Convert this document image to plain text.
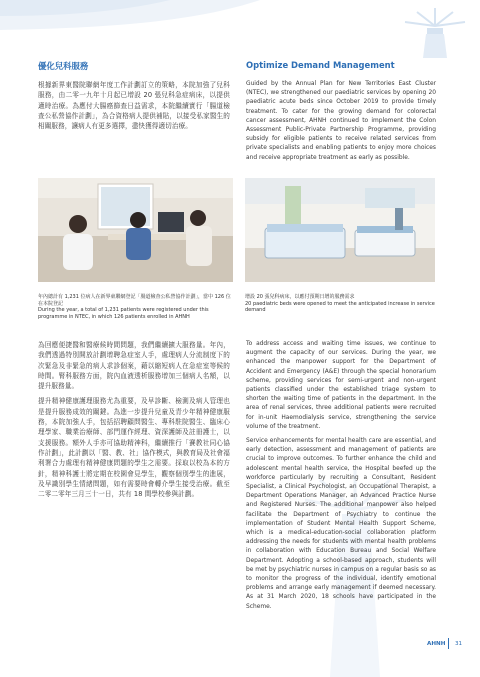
優化兒科服務	Optimize Demand Management

根據新界東醫院聯網年度工作計劃訂立的策略，本院加強了兒科服務，由二零一九年十月起已增設 20 張兒科急症病床，以提供適時治療。為應付大腸癌篩查日益需求，本院繼續實行「腸道檢查公私營協作計劃」，為合資格病人提供補貼，以接受私家醫生的相關服務，讓病人有更多選擇，盡快獲得適切治療。

Guided by the Annual Plan for New Territories East Cluster (NTEC), we strengthened our paediatric services by opening 20 paediatric acute beds since October 2019 to provide timely treatment. To cater for the growing demand for colorectal cancer assessment, AHNH continued to implement the Colon Assessment Public-Private Partnership Programme, providing subsidy for eligible patients to receive related services from private specialists and enabling patients to enjoy more choices and receive appropriate treatment as early as possible.

年內總計有 1,231 位病人在新界東聯網登記「腸道檢查公私營協作計劃」，當中 126 位在本院登記
During the year, a total of 1,231 patients were registered under this programme in NTEC, in which 126 patients enrolled in AHNH
增設 20 張兒科病床，以應付預期日增的服務需求
20 paediatric beds were opened to meet the anticipated increase in service demand

為回應便捷醫和醫療候時間問題，我們繼續擴大服務量。年內，我們透過特別開放計劃增聘急症室人手，處理病人分流制度下的次緊急及非緊急的病人求診個案，藉以縮短病人在急症室等候的時間。腎科服務方面，院內血液透析服務增加三個病人名額，以提升服務量。

提升精神健康護理服務尤為重要，及早診斷、檢測及病人管理也是提升服務成效的關鍵。為進一步提升兒童及青少年精神健康服務，本院加強人手，包括招聘顧問醫生、專科駐院醫生、臨床心理學家、職業治療師、部門運作經理、資深護師及註冊護士，以支援服務。額外人手亦可協助精神科，繼續推行「賽教社同心協作計劃」，此計劃以「醫、教、社」協作模式，與教育局及社會福利署合力處理有精神健康問題的學生之需要。採取以校為本的方針，精神科護士將定期在校園會見學生，觀察個別學生的進展，及早識別學生情緒問題，如有需要時會轉介學生接受治療。截至二零二零年三月三十一日，共有 18 間學校參與計劃。

To address access and waiting time issues, we continue to augment the capacity of our services. During the year, we enhanced the manpower support for the Department of Accident and Emergency (A&E) through the special honorarium scheme, providing services for semi-urgent and non-urgent patients classified under the established triage system to shorten the waiting time of patients in the department. In the area of renal services, three additional patients were recruited for in-unit Haemodialysis service, strengthening the service volume of the treatment.

Service enhancements for mental health care are essential, and early detection, assessment and management of patients are crucial to improve outcomes. To further enhance the child and adolescent mental health service, the Hospital beefed up the workforce particularly by recruiting a Consultant, Resident Specialist, a Clinical Psychologist, an Occupational Therapist, a Department Operations Manager, an Advanced Practice Nurse and Registered Nurses. The additional manpower also helped facilitate the Department of Psychiatry to continue the implementation of Student Mental Health Support Scheme, which is a medical-education-social collaboration platform addressing the needs for students with mental health problems in collaboration with Education Bureau and Social Welfare Department. Adopting a school-based approach, students will be met by psychiatric nurses in campus on a regular basis so as to monitor the progress of the individual, identify emotional problems and arrange early management if deemed necessary. As at 31 March 2020, 18 schools have participated in the Scheme.

AHNH 31
